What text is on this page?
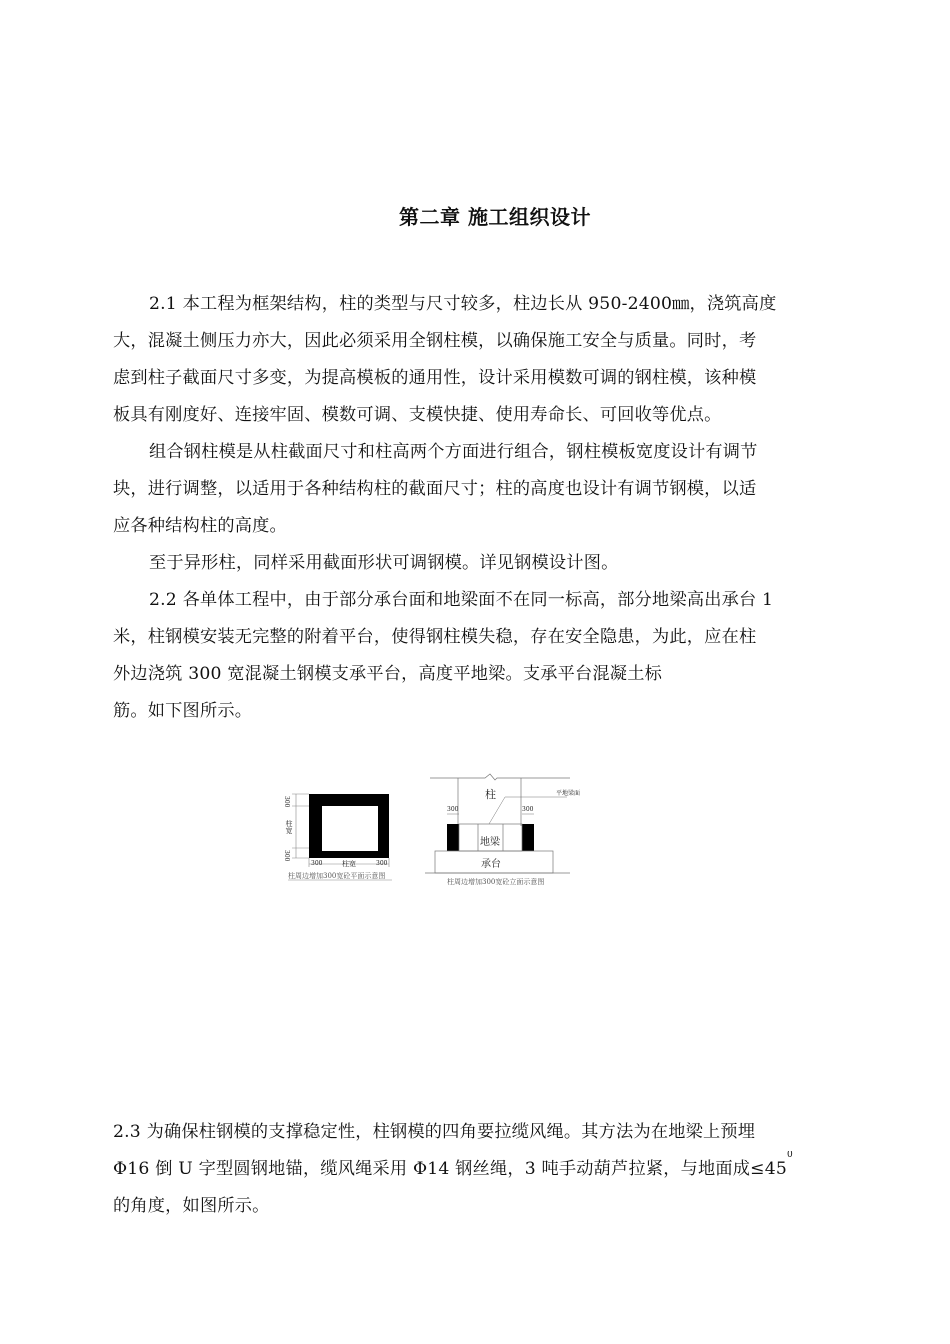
第二章 施工组织设计
2.1 本工程为框架结构，柱的类型与尺寸较多，柱边长从 950-2400㎜，浇筑高度
大，混凝土侧压力亦大，因此必须采用全钢柱模，以确保施工安全与质量。同时，考
虑到柱子截面尺寸多变，为提高模板的通用性，设计采用模数可调的钢柱模，该种模
板具有刚度好、连接牢固、模数可调、支模快捷、使用寿命长、可回收等优点。
组合钢柱模是从柱截面尺寸和柱高两个方面进行组合，钢柱模板宽度设计有调节
块，进行调整，以适用于各种结构柱的截面尺寸；柱的高度也设计有调节钢模，以适
应各种结构柱的高度。
至于异形柱，同样采用截面形状可调钢模。详见钢模设计图。
2.2 各单体工程中，由于部分承台面和地梁面不在同一标高，部分地梁高出承台 1
米，柱钢模安装无完整的附着平台，使得钢柱模失稳，存在安全隐患，为此，应在柱
外边浇筑 300 宽混凝土钢模支承平台，高度平地梁。支承平台混凝土标
筋。如下图所示。
300
300
柱宽
300	柱宽	300
柱周边增加300宽砼平面示意图
柱	平地梁面
300	300
地梁
承台
柱周边增加300宽砼立面示意图
2.3 为确保柱钢模的支撑稳定性，柱钢模的四角要拉缆风绳。其方法为在地梁上预埋
Φ16 倒 U 字型圆钢地锚，缆风绳采用 Φ14 钢丝绳，3 吨手动葫芦拉紧，与地面成$\le 45^0$
的角度，如图所示。
